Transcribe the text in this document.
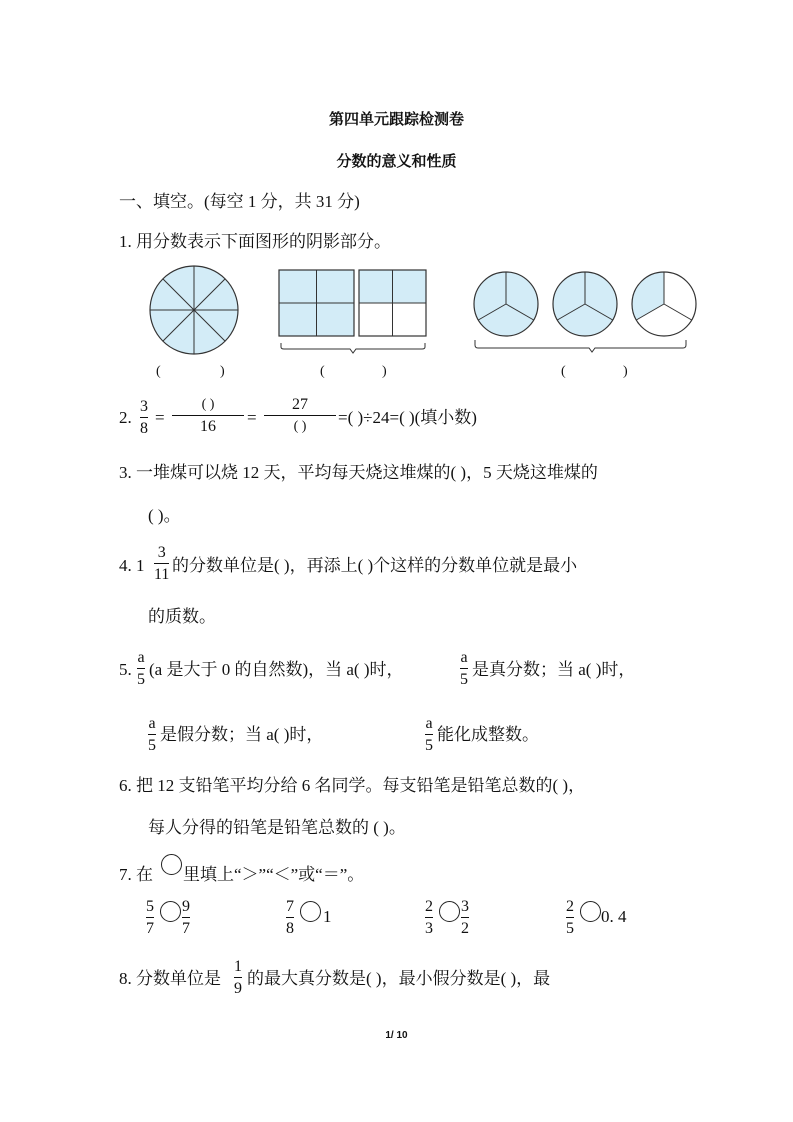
第四单元跟踪检测卷
分数的意义和性质
一、填空。(每空 1 分，共 31 分)
1. 用分数表示下面图形的阴影部分。
(	)	(	)	(	)
2.
3
8
=
( )
16 =
27
( ) =( )÷24=( )(填小数)
3. 一堆煤可以烧 12 天，平均每天烧这堆煤的( )，5 天烧这堆煤的
( )。
4. 1
3
11 的分数单位是( )，再添上( )个这样的分数单位就是最小
的质数。
5.
a
5
(a 是大于 0 的自然数)，当 a( )时，
a
5
是真分数；当 a( )时，
a
5
是假分数；当 a( )时，
a
5
能化成整数。
6. 把 12 支铅笔平均分给 6 名同学。每支铅笔是铅笔总数的( )，
每人分得的铅笔是铅笔总数的 ( )。
7. 在 里填上“＞”“＜”或“＝”。
5
7
9
7
7
8
1
2
3
3
2
2
5
0. 4
8. 分数单位是
1
9
的最大真分数是( )，最小假分数是( )，最
1/ 10
